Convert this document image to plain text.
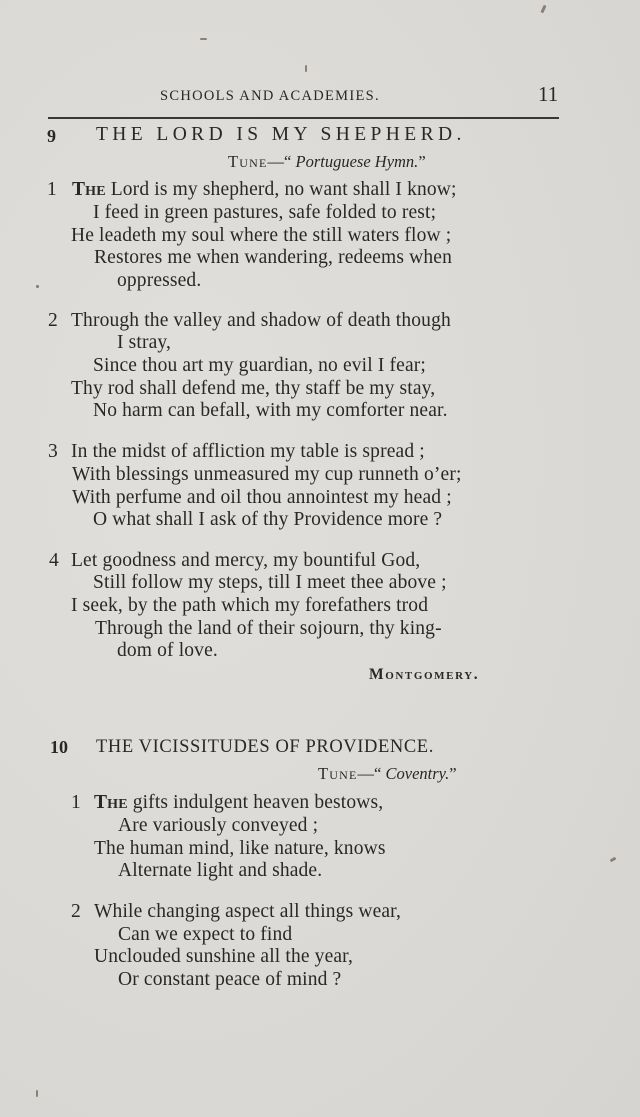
SCHOOLS AND ACADEMIES.	11
9 THE LORD IS MY SHEPHERD.
Tune—“ Portuguese Hymn.”
1 The Lord is my shepherd, no want shall I know;
I feed in green pastures, safe folded to rest;
He leadeth my soul where the still waters flow ;
Restores me when wandering, redeems when
oppressed.
2 Through the valley and shadow of death though
I stray,
Since thou art my guardian, no evil I fear;
Thy rod shall defend me, thy staff be my stay,
No harm can befall, with my comforter near.
3 In the midst of affliction my table is spread ;
With blessings unmeasured my cup runneth o’er;
With perfume and oil thou annointest my head ;
O what shall I ask of thy Providence more ?
4 Let goodness and mercy, my bountiful God,
Still follow my steps, till I meet thee above ;
I seek, by the path which my forefathers trod
Through the land of their sojourn, thy king-
dom of love.
Montgomery.
10 THE VICISSITUDES OF PROVIDENCE.
Tune—“ Coventry.”
1 The gifts indulgent heaven bestows,
Are variously conveyed ;
The human mind, like nature, knows
Alternate light and shade.
2 While changing aspect all things wear,
Can we expect to find
Unclouded sunshine all the year,
Or constant peace of mind ?
